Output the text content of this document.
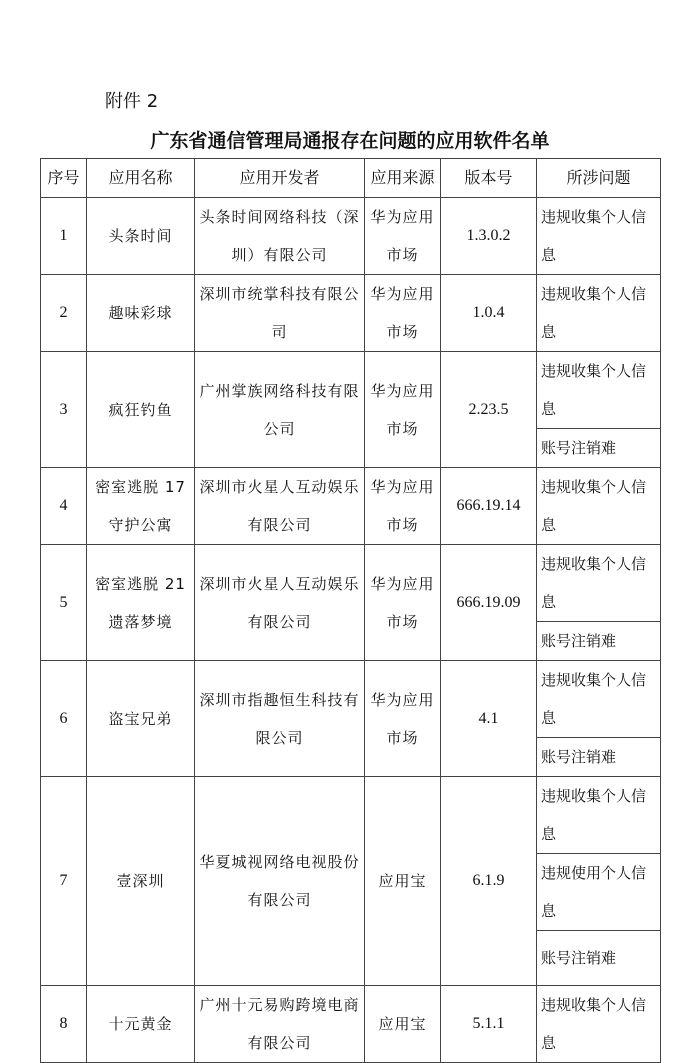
附件 2
广东省通信管理局通报存在问题的应用软件名单
序号	应用名称	应用开发者	应用来源	版本号	所涉问题
1	头条时间	头条时间网络科技（深圳）有限公司	华为应用市场	1.3.0.2	违规收集个人信息
2	趣味彩球	深圳市统掌科技有限公司	华为应用市场	1.0.4	违规收集个人信息
3	疯狂钓鱼	广州掌族网络科技有限公司	华为应用市场	2.23.5	违规收集个人信息
					账号注销难
4	密室逃脱 17 守护公寓	深圳市火星人互动娱乐有限公司	华为应用市场	666.19.14	违规收集个人信息
5	密室逃脱 21 遗落梦境	深圳市火星人互动娱乐有限公司	华为应用市场	666.19.09	违规收集个人信息
					账号注销难
6	盗宝兄弟	深圳市指趣恒生科技有限公司	华为应用市场	4.1	违规收集个人信息
					账号注销难
7	壹深圳	华夏城视网络电视股份有限公司	应用宝	6.1.9	违规收集个人信息
					违规使用个人信息
					账号注销难
8	十元黄金	广州十元易购跨境电商有限公司	应用宝	5.1.1	违规收集个人信息
